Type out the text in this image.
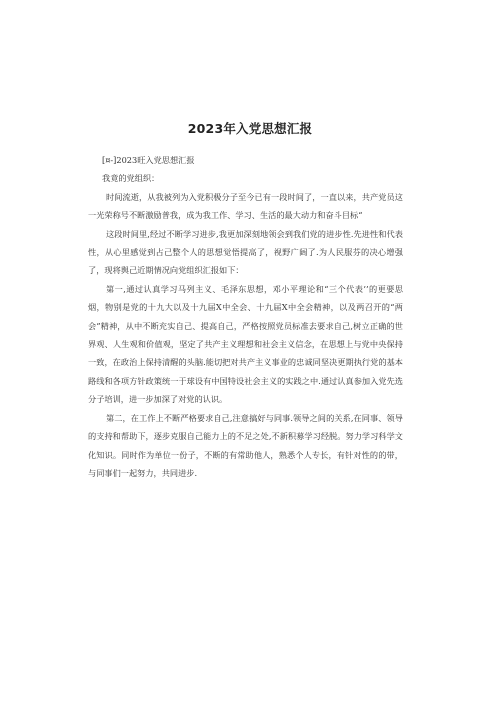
2023年入党思想汇报

[¤-]2023旺入党思想汇报

我竟的党组织：

时间流逝，从我被列为入党积极分子至今已有一段时间了，一直以来，共产党员这一光荣称号不断激励普我，成为我工作、学习、生活的最大动力和奋斗目标“

这段时间里,经过不断学习进步,我更加深刻地领会到我们党的进步性.先进性和代表性，从心里感觉到占己整个人的思想觉悟提高了，视野广阔了.为人民服芬的决心增强了，现将舆己近期情况向党组织汇报如下：

第一,通过认真学习马列主义、毛泽东思想，邓小平理论和“三个代表’’的更要思烟，物别是党的十九大以及十九届X中全会、十九届X中全会精神，以及两召开的“两会”精神，从中不断充实自己、提高自己，严格按照党员标准去要求自己,树立正确的世界观、人生观和价值观，坚定了共产主义理想和社会主义信念，在思想上与党中央保持一致，在政治上保持清醒的头脑.能切把对共产主义事业的忠诚同坚决更期执行党的基本路线和各项方针政策统一于球设有中国特设社会主义的实践之中.通过认真参加入党先选分子培训，进一步加深了对党的认识。

第二，在工作上不断严格要求自己,注意搞好与同事.领导之间的关系,在同事、领导的支持和帮助下，逐步克服自己能力上的不足之处,不新积募学习经脱。努力学习科学文化知识。同时作为单位一份子，不断的有常助他人，熟悉个人专长，有针对性的的带，与同事们一起努力，共同进步.
